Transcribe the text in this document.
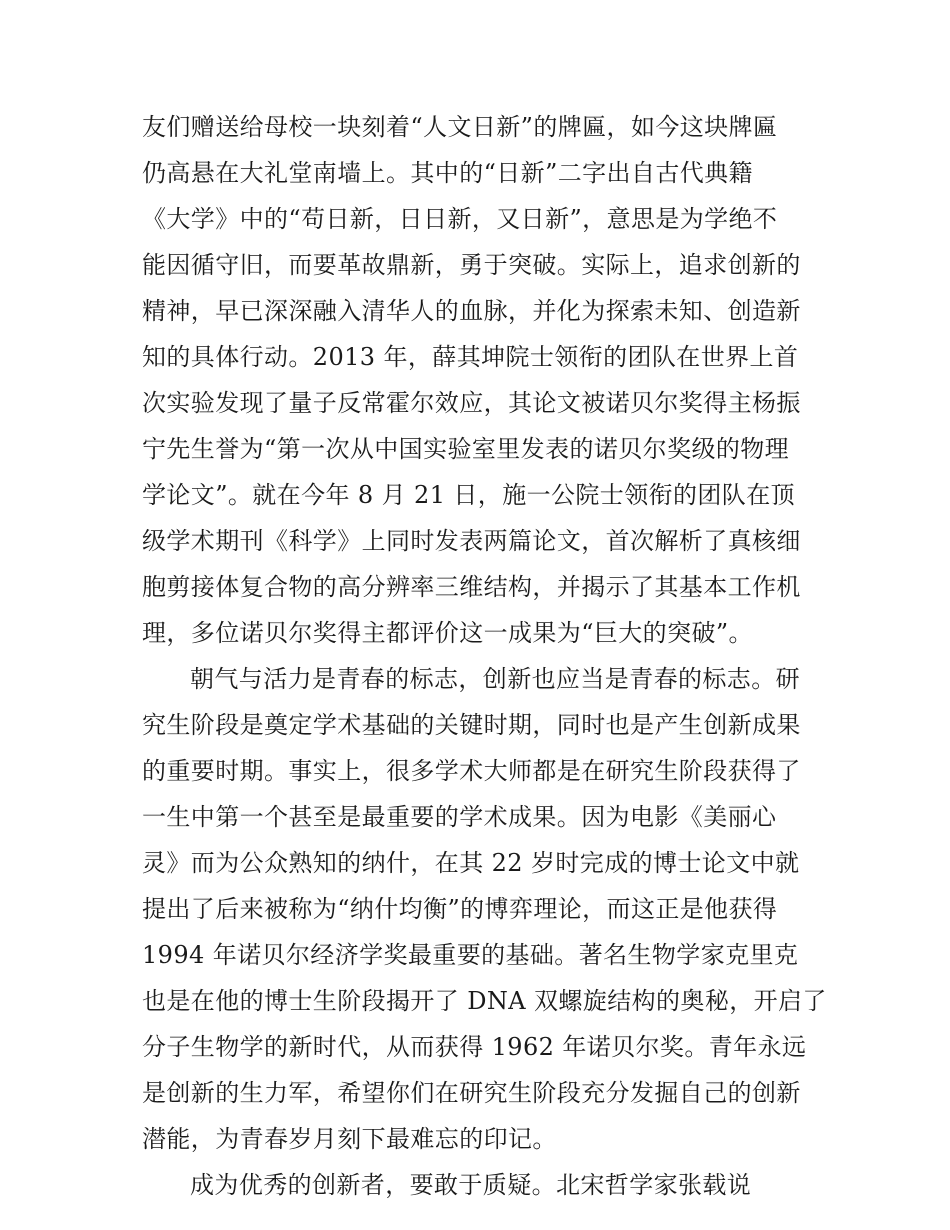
友们赠送给母校一块刻着“人文日新”的牌匾，如今这块牌匾
仍高悬在大礼堂南墙上。其中的“日新”二字出自古代典籍
《大学》中的“苟日新，日日新，又日新”，意思是为学绝不
能因循守旧，而要革故鼎新，勇于突破。实际上，追求创新的
精神，早已深深融入清华人的血脉，并化为探索未知、创造新
知的具体行动。2013 年，薛其坤院士领衔的团队在世界上首
次实验发现了量子反常霍尔效应，其论文被诺贝尔奖得主杨振
宁先生誉为“第一次从中国实验室里发表的诺贝尔奖级的物理
学论文”。就在今年 8 月 21 日，施一公院士领衔的团队在顶
级学术期刊《科学》上同时发表两篇论文，首次解析了真核细
胞剪接体复合物的高分辨率三维结构，并揭示了其基本工作机
理，多位诺贝尔奖得主都评价这一成果为“巨大的突破”。
朝气与活力是青春的标志，创新也应当是青春的标志。研
究生阶段是奠定学术基础的关键时期，同时也是产生创新成果
的重要时期。事实上，很多学术大师都是在研究生阶段获得了
一生中第一个甚至是最重要的学术成果。因为电影《美丽心
灵》而为公众熟知的纳什，在其 22 岁时完成的博士论文中就
提出了后来被称为“纳什均衡”的博弈理论，而这正是他获得
1994 年诺贝尔经济学奖最重要的基础。著名生物学家克里克
也是在他的博士生阶段揭开了 DNA 双螺旋结构的奥秘，开启了
分子生物学的新时代，从而获得 1962 年诺贝尔奖。青年永远
是创新的生力军，希望你们在研究生阶段充分发掘自己的创新
潜能，为青春岁月刻下最难忘的印记。
成为优秀的创新者，要敢于质疑。北宋哲学家张载说
